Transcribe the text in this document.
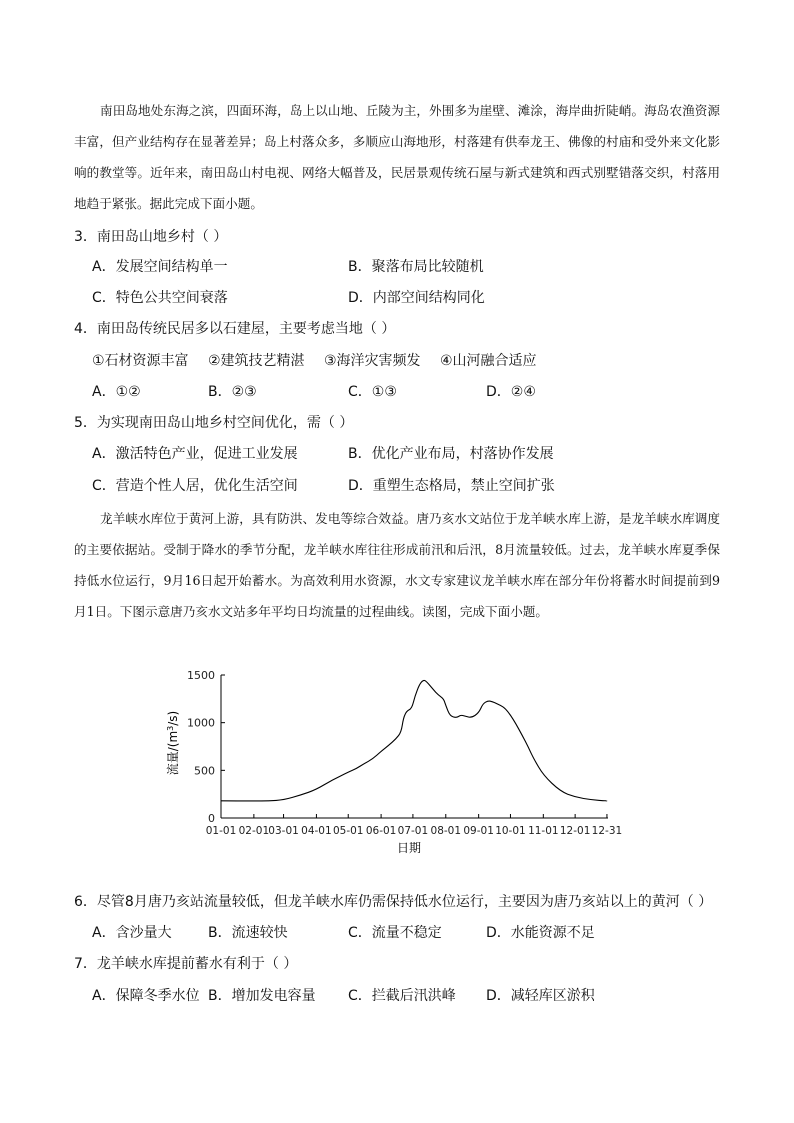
南田岛地处东海之滨，四面环海，岛上以山地、丘陵为主，外围多为崖壁、滩涂，海岸曲折陡峭。海岛农渔资源丰富，但产业结构存在显著差异；岛上村落众多，多顺应山海地形，村落建有供奉龙王、佛像的村庙和受外来文化影响的教堂等。近年来，南田岛山村电视、网络大幅普及，民居景观传统石屋与新式建筑和西式别墅错落交织，村落用地趋于紧张。据此完成下面小题。
3．南田岛山地乡村（ ）
A．发展空间结构单一	B．聚落布局比较随机
C．特色公共空间衰落	D．内部空间结构同化
4．南田岛传统民居多以石建屋，主要考虑当地（ ）
①石材资源丰富 ②建筑技艺精湛 ③海洋灾害频发 ④山河融合适应
A．①②	B．②③	C．①③	D．②④
5．为实现南田岛山地乡村空间优化，需（ ）
A．激活特色产业，促进工业发展	B．优化产业布局，村落协作发展
C．营造个性人居，优化生活空间	D．重塑生态格局，禁止空间扩张
龙羊峡水库位于黄河上游，具有防洪、发电等综合效益。唐乃亥水文站位于龙羊峡水库上游，是龙羊峡水库调度的主要依据站。受制于降水的季节分配，龙羊峡水库往往形成前汛和后汛，8月流量较低。过去，龙羊峡水库夏季保持低水位运行，9月16日起开始蓄水。为高效利用水资源，水文专家建议龙羊峡水库在部分年份将蓄水时间提前到9月1日。下图示意唐乃亥水文站多年平均日均流量的过程曲线。读图，完成下面小题。
0
500
1000
1500
01-01 02-01 03-01 04-01 05-01 06-01 07-01 08-01 09-01 10-01 11-01 12-01 12-31
流量$/(m^3/s)$
日期
6．尽管8月唐乃亥站流量较低，但龙羊峡水库仍需保持低水位运行，主要因为唐乃亥站以上的黄河（ ）
A．含沙量大	B．流速较快	C．流量不稳定	D．水能资源不足
7．龙羊峡水库提前蓄水有利于（ ）
A．保障冬季水位 B．增加发电容量 C．拦截后汛洪峰 D．减轻库区淤积
